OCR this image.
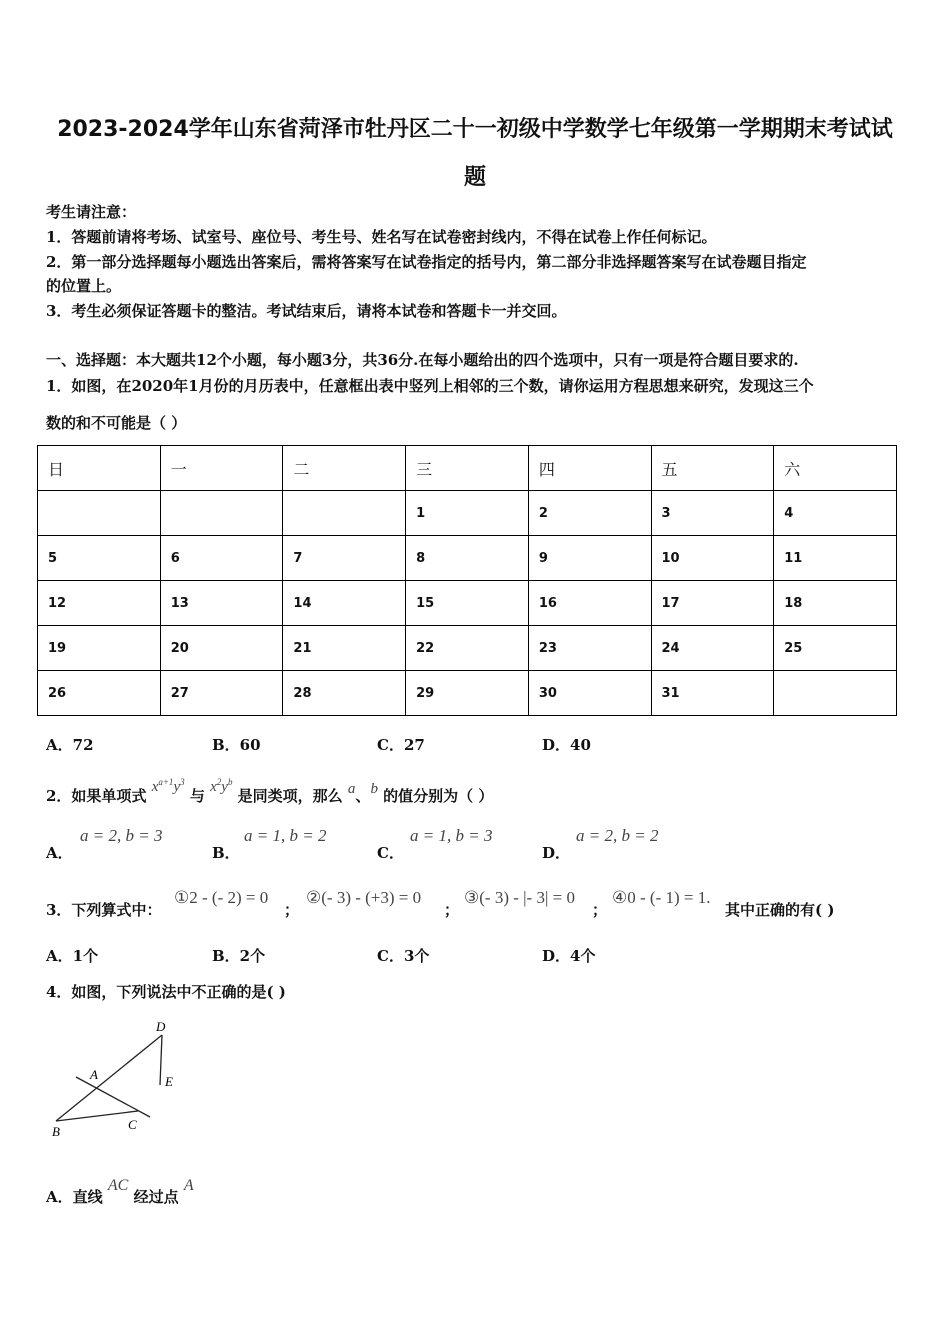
2023-2024学年山东省菏泽市牡丹区二十一初级中学数学七年级第一学期期末考试试
题
考生请注意：
1．答题前请将考场、试室号、座位号、考生号、姓名写在试卷密封线内，不得在试卷上作任何标记。
2．第一部分选择题每小题选出答案后，需将答案写在试卷指定的括号内，第二部分非选择题答案写在试卷题目指定
的位置上。
3．考生必须保证答题卡的整洁。考试结束后，请将本试卷和答题卡一并交回。
一、选择题：本大题共12个小题，每小题3分，共36分.在每小题给出的四个选项中，只有一项是符合题目要求的.
1．如图，在2020年1月份的月历表中，任意框出表中竖列上相邻的三个数，请你运用方程思想来研究，发现这三个
数的和不可能是（ ）
日	一	二	三	四	五	六
			1	2	3	4
5	6	7	8	9	10	11
12	13	14	15	16	17	18
19	20	21	22	23	24	25
26	27	28	29	30	31	
A．72	B．60	C．27	D．40
2．如果单项式 $x^{a+1}y^3$ 与 $x^2y^b$ 是同类项，那么 a、b 的值分别为（ ）
A．
a = 2, b = 3
B．
a = 1, b = 2
C．
a = 1, b = 3
D．
a = 2, b = 2
3．下列算式中：
①2 - (- 2) = 0
；
②(- 3) - (+3) = 0
；
③(- 3) - |- 3| = 0
；
④0 - (- 1) = 1.
其中正确的有( )
A．1个	B．2个	C．3个	D．4个
4．如图，下列说法中不正确的是( )
D
E
A
B	C
A．直线 AC 经过点 A
